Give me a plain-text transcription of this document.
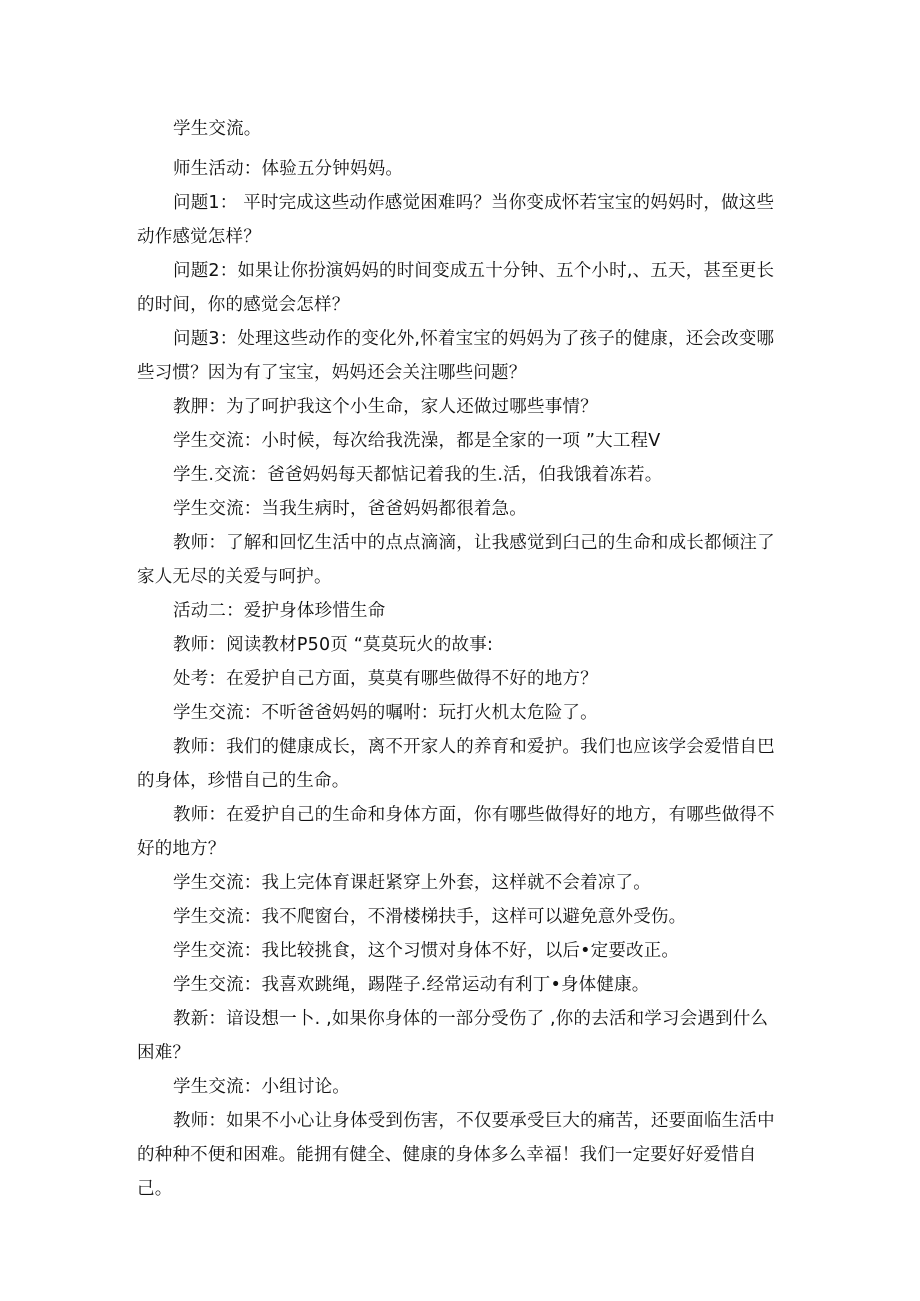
学生交流。

师生活动：体验五分钟妈妈。

问题1： 平时完成这些动作感觉困难吗？当你变成怀若宝宝的妈妈时，做这些动作感觉怎样？

问题2：如果让你扮演妈妈的时间变成五十分钟、五个小时,、五天，甚至更长的时间，你的感觉会怎样？

问题3：处理这些动作的变化外,怀着宝宝的妈妈为了孩子的健康，还会改变哪些习惯？因为有了宝宝，妈妈还会关注哪些问题？

教胛：为了呵护我这个小生命，家人还做过哪些事情？

学生交流：小时候，每次给我洗澡，都是全家的一项 ”大工程V

学生.交流：爸爸妈妈每天都惦记着我的生.活，伯我饿着冻若。

学生交流：当我生病时，爸爸妈妈都很着急。

教师：了解和回忆生活中的点点滴滴，让我感觉到臼己的生命和成长都倾注了家人无尽的关爱与呵护。

活动二：爱护身体珍惜生命

教师：阅读教材P50页 “莫莫玩火的故事:

处考：在爱护自己方面，莫莫有哪些做得不好的地方？

学生交流：不听爸爸妈妈的嘱咐：玩打火机太危险了。

教师：我们的健康成长，离不开家人的养育和爱护。我们也应该学会爱惜自巴的身体，珍惜自己的生命。

教师：在爱护自己的生命和身体方面，你有哪些做得好的地方，有哪些做得不好的地方？

学生交流：我上完体育课赶紧穿上外套，这样就不会着凉了。

学生交流：我不爬窗台，不滑楼梯扶手，这样可以避免意外受伤。

学生交流：我比较挑食，这个习惯对身体不好，以后•定要改正。

学生交流：我喜欢跳绳，踢陛子.经常运动有利丁•身体健康。

教新：谙设想一卜. ,如果你身体的一部分受伤了 ,你的去活和学习会遇到什么困难？

学生交流：小组讨论。

教师：如果不小心让身体受到伤害，不仅要承受巨大的痛苦，还要面临生活中的种种不便和困难。能拥有健全、健康的身体多么幸福！我们一定要好好爱惜自己。
